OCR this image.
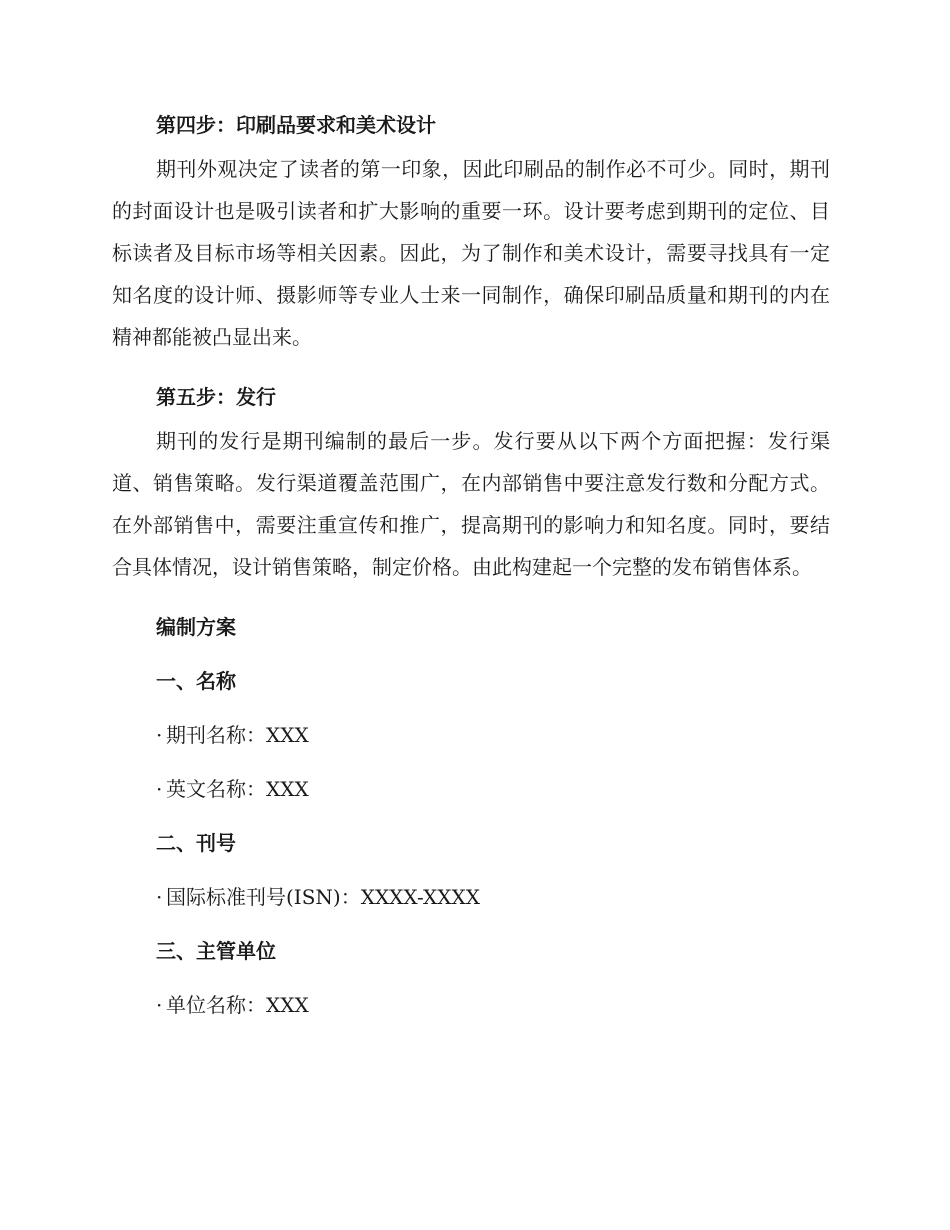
第四步：印刷品要求和美术设计

期刊外观决定了读者的第一印象，因此印刷品的制作必不可少。同时，期刊的封面设计也是吸引读者和扩大影响的重要一环。设计要考虑到期刊的定位、目标读者及目标市场等相关因素。因此，为了制作和美术设计，需要寻找具有一定知名度的设计师、摄影师等专业人士来一同制作，确保印刷品质量和期刊的内在精神都能被凸显出来。

第五步：发行

期刊的发行是期刊编制的最后一步。发行要从以下两个方面把握：发行渠道、销售策略。发行渠道覆盖范围广，在内部销售中要注意发行数和分配方式。在外部销售中，需要注重宣传和推广，提高期刊的影响力和知名度。同时，要结合具体情况，设计销售策略，制定价格。由此构建起一个完整的发布销售体系。

编制方案
一、名称

· 期刊名称：XXX

· 英文名称：XXX

二、刊号

· 国际标准刊号(ISN)：XXXX-XXXX

三、主管单位

· 单位名称：XXX
